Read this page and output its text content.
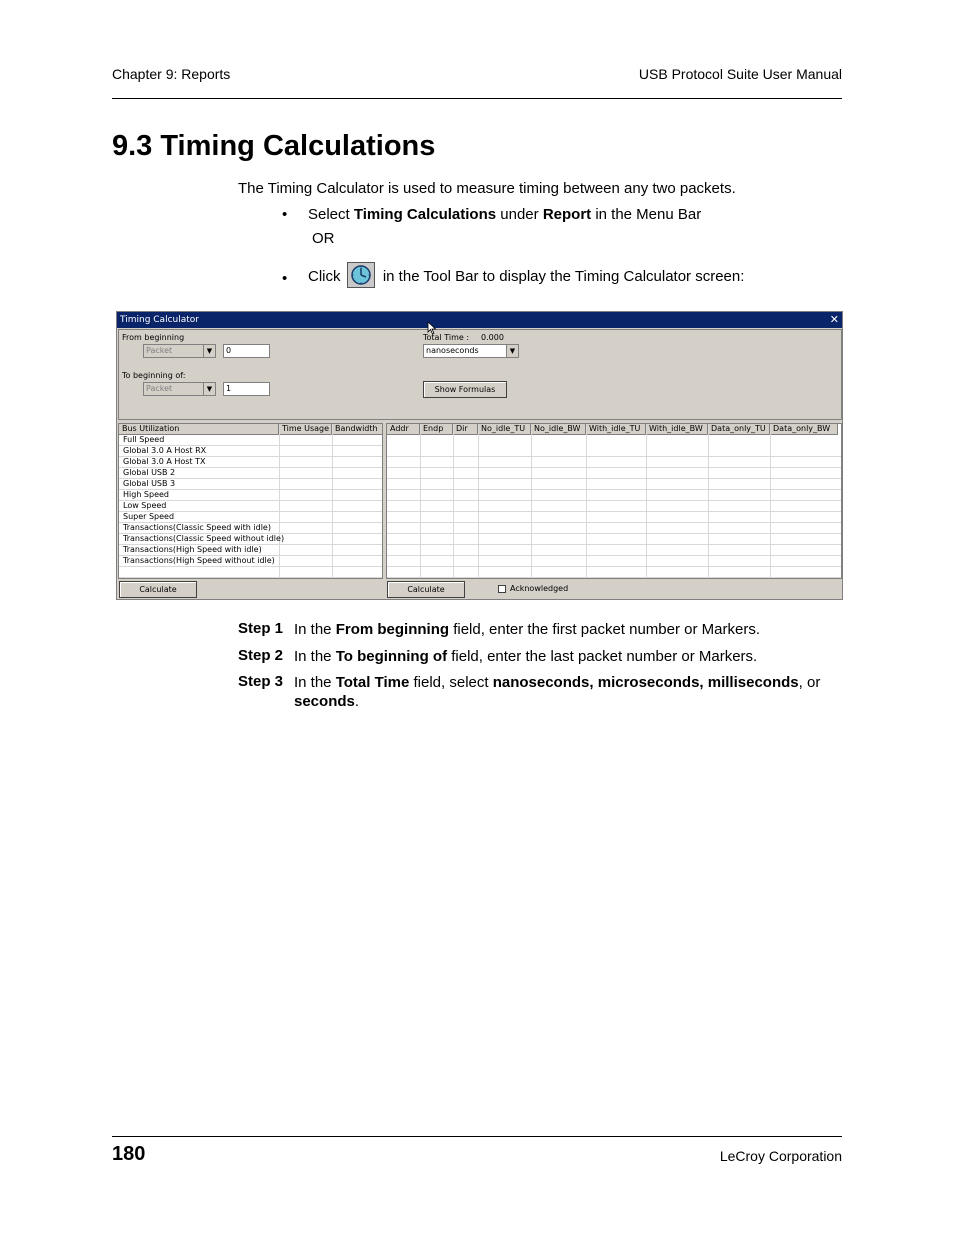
Chapter 9: Reports	USB Protocol Suite User Manual
9.3 Timing Calculations
The Timing Calculator is used to measure timing between any two packets.
• Select Timing Calculations under Report in the Menu Bar
OR
• Click  in the Tool Bar to display the Timing Calculator screen:
Timing Calculator	✕
From beginning
Packet	▼	0
To beginning of:
Packet	▼	1
Total Time : 0.000
nanoseconds	▼
Show Formulas
Bus Utilization	Time Usage Bandwidth
Full Speed
Global 3.0 A Host RX
Global 3.0 A Host TX
Global USB 2
Global USB 3
High Speed
Low Speed
Super Speed
Transactions(Classic Speed with idle)
Transactions(Classic Speed without idle)
Transactions(High Speed with idle)
Transactions(High Speed without idle)
Calculate
Addr	Endp	Dir	No_idle_TU	No_idle_BW	With_idle_TU	With_idle_BW	Data_only_TU Data_only_BW
Calculate	Acknowledged
Step 1 In the From beginning field, enter the first packet number or Markers.
Step 2 In the To beginning of field, enter the last packet number or Markers.
Step 3 In the Total Time field, select nanoseconds, microseconds, milliseconds, or seconds.
180	LeCroy Corporation
